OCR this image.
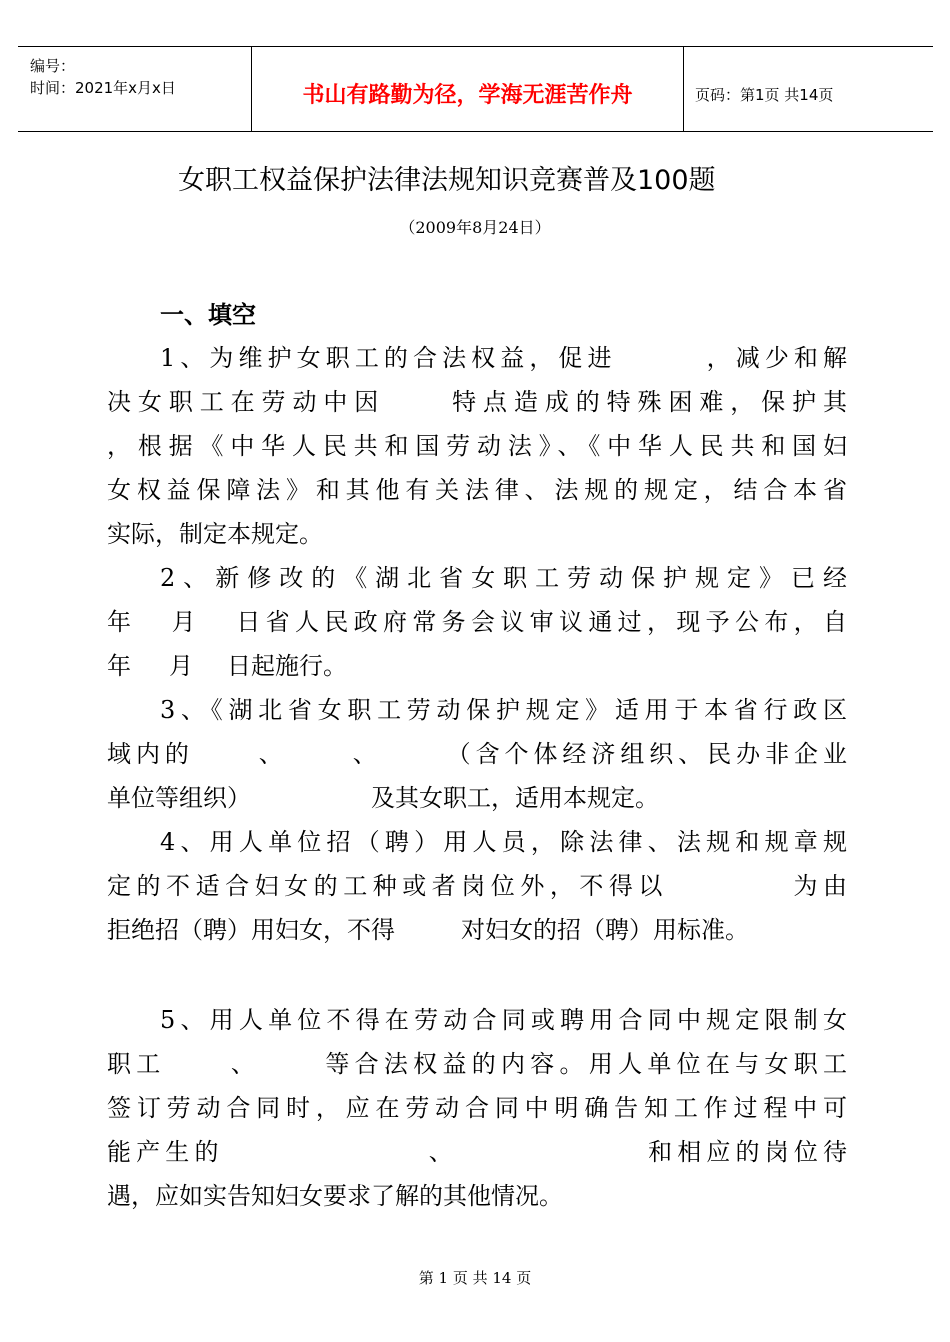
编号：
时间：2021年x月x日	书山有路勤为径，学海无涯苦作舟	页码：第1页 共14页
女职工权益保护法律法规知识竞赛普及100题
（2009年8月24日）
一、填空
1、为维护女职工的合法权益，促进	，减少和解
决女职工在劳动中因	特点造成的特殊困难，保护其
，根据《中华人民共和国劳动法》、《中华人民共和国妇
女权益保障法》和其他有关法律、法规的规定，结合本省
实际，制定本规定。
2、新修改的《湖北省女职工劳动保护规定》已经
年 月 日省人民政府常务会议审议通过，现予公布，自
年 月 日起施行。
3、《湖北省女职工劳动保护规定》适用于本省行政区
域内的	、	、	（含个体经济组织、民办非企业
单位等组织）	及其女职工，适用本规定。
4、用人单位招（聘）用人员，除法律、法规和规章规
定的不适合妇女的工种或者岗位外，不得以	为由
拒绝招（聘）用妇女，不得	对妇女的招（聘）用标准。
5、用人单位不得在劳动合同或聘用合同中规定限制女
职工	、	等合法权益的内容。用人单位在与女职工
签订劳动合同时，应在劳动合同中明确告知工作过程中可
能产生的	、	和相应的岗位待
遇，应如实告知妇女要求了解的其他情况。
第 1 页 共 14 页
